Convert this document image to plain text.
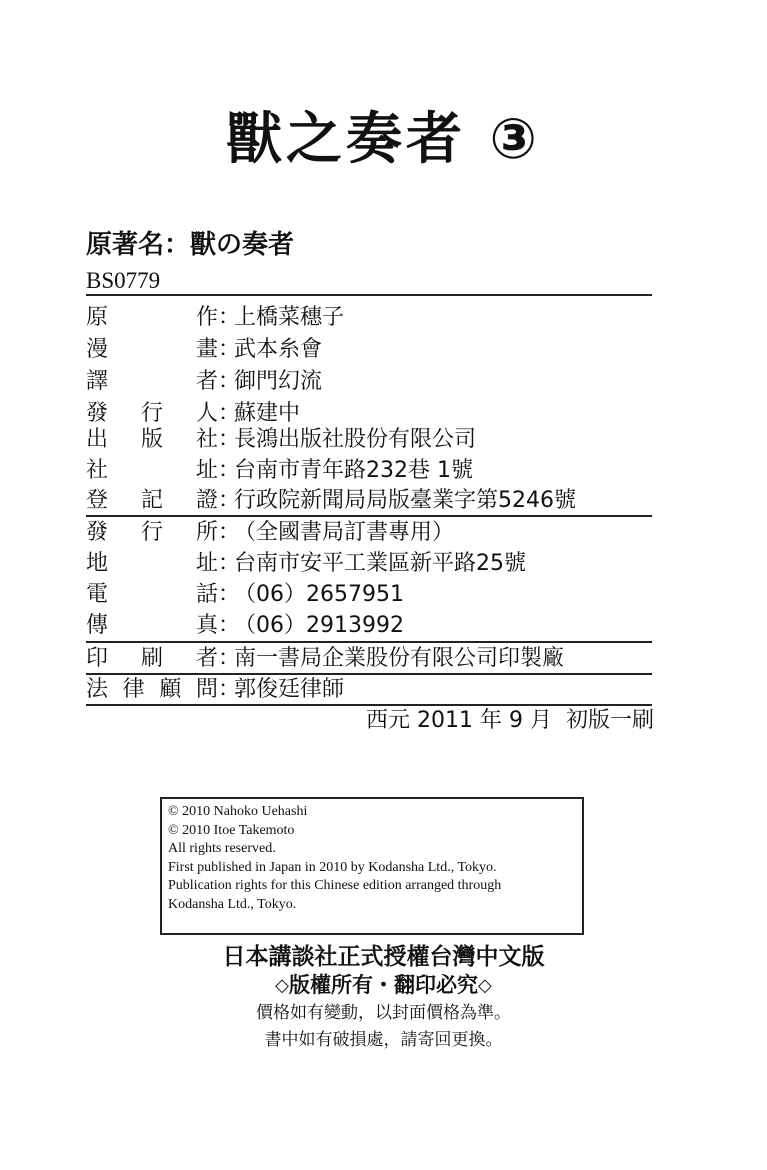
獸之奏者 ③
原著名：獸の奏者
BS0779
原作：上橋菜穗子
漫畫：武本糸會
譯者：御門幻流
發行人：蘇建中
出版社：長鴻出版社股份有限公司
社址：台南市青年路232巷 1號
登記證：行政院新聞局局版臺業字第5246號
發行所：（全國書局訂書專用）
地址：台南市安平工業區新平路25號
電話：（06）2657951
傳真：（06）2913992
印刷者：南一書局企業股份有限公司印製廠
法律顧問：郭俊廷律師
西元 2011 年 9 月  初版一刷
© 2010 Nahoko Uehashi
© 2010 Itoe Takemoto
All rights reserved.
First published in Japan in 2010 by Kodansha Ltd., Tokyo.
Publication rights for this Chinese edition arranged through
Kodansha Ltd., Tokyo.
日本講談社正式授權台灣中文版
◇版權所有・翻印必究◇
價格如有變動，以封面價格為準。
書中如有破損處，請寄回更換。
